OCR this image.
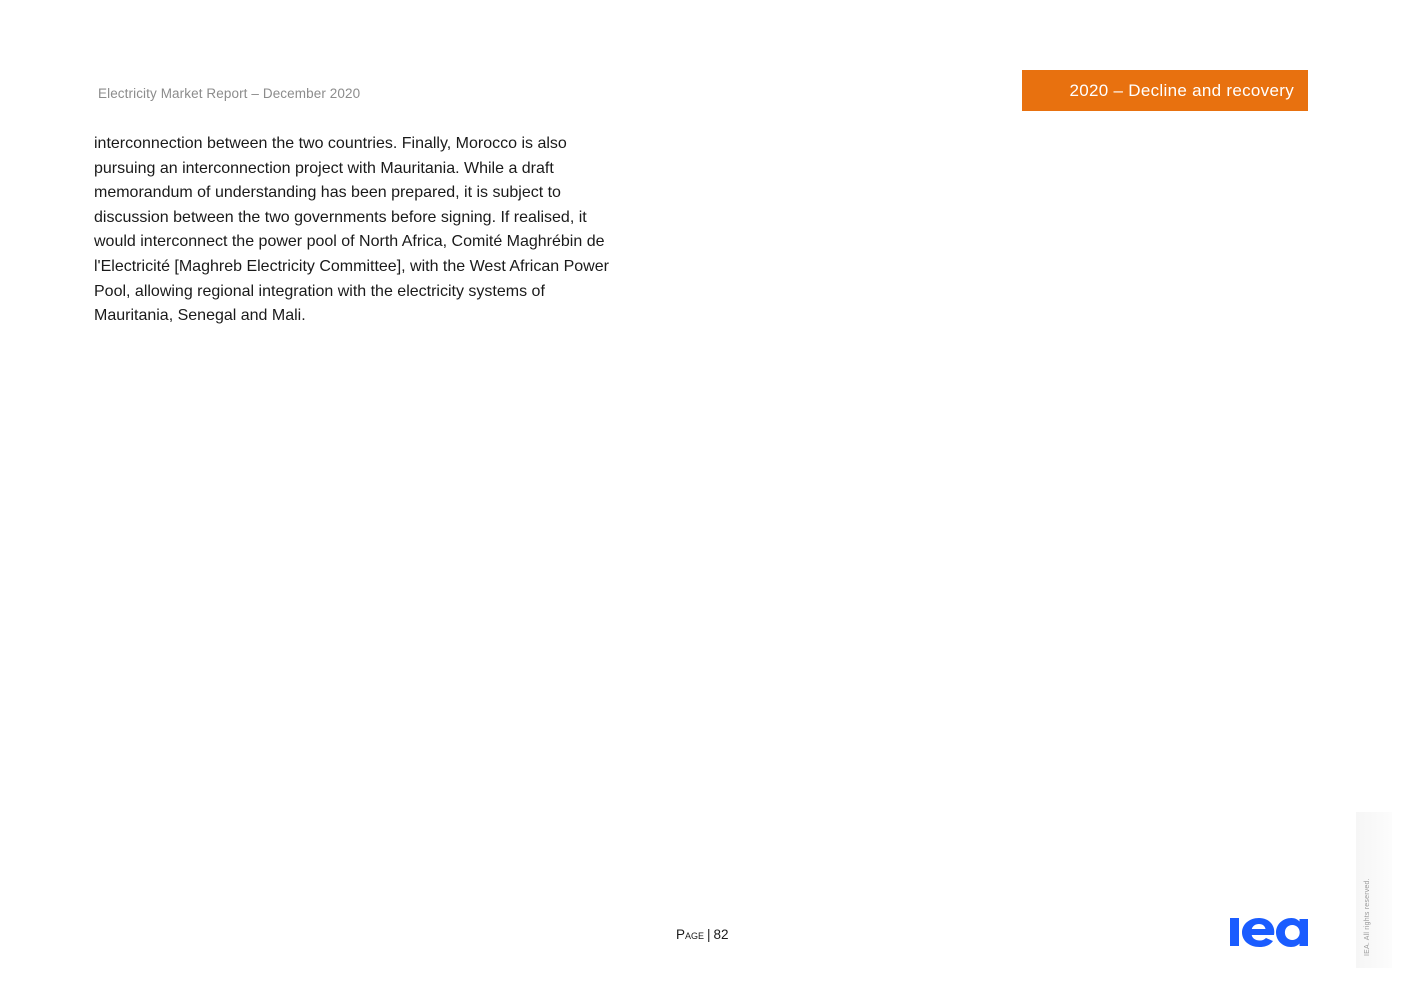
Electricity Market Report – December 2020	2020 – Decline and recovery

interconnection between the two countries. Finally, Morocco is also
pursuing an interconnection project with Mauritania. While a draft
memorandum of understanding has been prepared, it is subject to
discussion between the two governments before signing. If realised, it
would interconnect the power pool of North Africa, Comité Maghrébin de
l'Electricité [Maghreb Electricity Committee], with the West African Power
Pool, allowing regional integration with the electricity systems of
Mauritania, Senegal and Mali.

Page | 82	IEA. All rights reserved.
